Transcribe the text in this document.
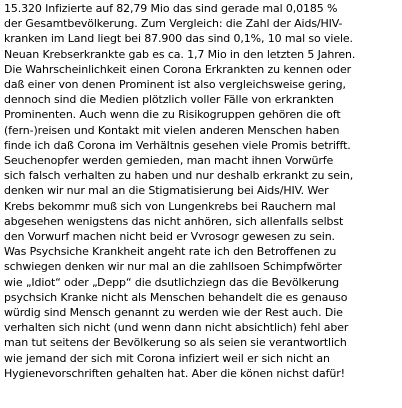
15.320 Infizierte auf 82,79 Mio das sind gerade mal 0,0185 %
der Gesamtbevölkerung. Zum Vergleich: die Zahl der Aids/HIV-
kranken im Land liegt bei 87.900 das sind 0,1%, 10 mal so viele.
Neuan Krebserkrankte gab es ca. 1,7 Mio in den letzten 5 Jahren.
Die Wahrscheinlichkeit einen Corona Erkrankten zu kennen oder
daß einer von denen Prominent ist also vergleichsweise gering,
dennoch sind die Medien plötzlich voller Fälle von erkrankten
Prominenten. Auch wenn die zu Risikogruppen gehören die oft
(fern-)reisen und Kontakt mit vielen anderen Menschen haben
finde ich daß Corona im Verhältnis gesehen viele Promis betrifft.
Seuchenopfer werden gemieden, man macht ihnen Vorwürfe
sich falsch verhalten zu haben und nur deshalb erkrankt zu sein,
denken wir nur mal an die Stigmatisierung bei Aids/HIV. Wer
Krebs bekommr muß sich von Lungenkrebs bei Rauchern mal
abgesehen wenigstens das nicht anhören, sich allenfalls selbst
den Vorwurf machen nicht beid er Vvrosogr gewesen zu sein.
Was Psychsiche Krankheit angeht rate ich den Betroffenen zu
schwiegen denken wir nur mal an die zahllsoen Schimpfwörter
wie „Idiot“ oder „Depp“ die dsutlichziegn das die Bevölkerung
psychsich Kranke nicht als Menschen behandelt die es genauso
würdig sind Mensch genannt zu werden wie der Rest auch. Die
verhalten sich nicht (und wenn dann nicht absichtlich) fehl aber
man tut seitens der Bevölkerung so als seien sie verantwortlich
wie jemand der sich mit Corona infiziert weil er sich nicht an
Hygienevorschriften gehalten hat. Aber die könen nichst dafür!
